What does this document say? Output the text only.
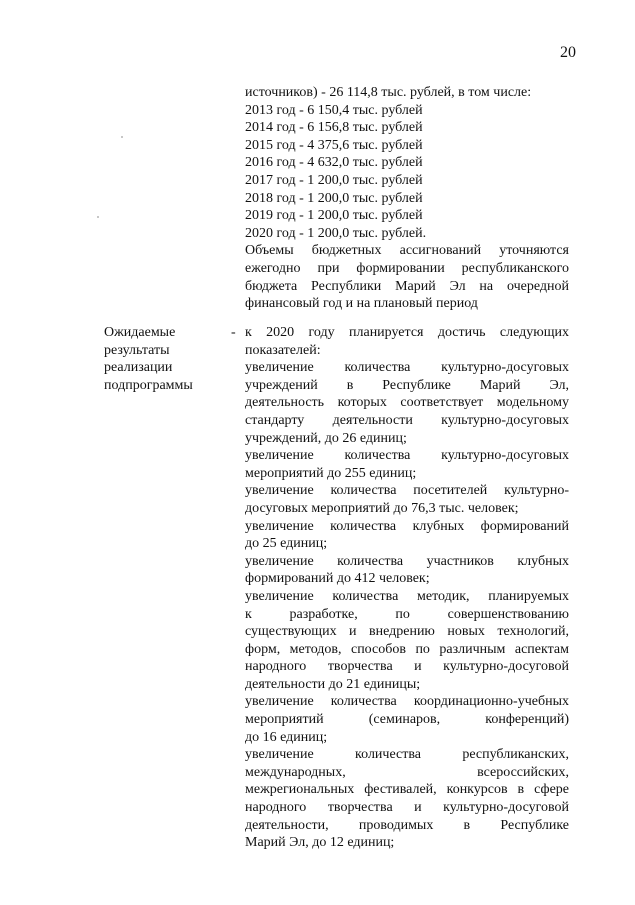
20
источников) - 26 114,8 тыс. рублей, в том числе:
2013 год - 6 150,4 тыс. рублей
2014 год - 6 156,8 тыс. рублей
2015 год - 4 375,6 тыс. рублей
2016 год - 4 632,0 тыс. рублей
2017 год - 1 200,0 тыс. рублей
2018 год - 1 200,0 тыс. рублей
2019 год - 1 200,0 тыс. рублей
2020 год - 1 200,0 тыс. рублей.
Объемы бюджетных ассигнований уточняются
ежегодно при формировании республиканского
бюджета Республики Марий Эл на очередной
финансовый год и на плановый период
Ожидаемые
результаты
реализации
подпрограммы
- к 2020 году планируется достичь следующих
показателей:
увеличение количества культурно-досуговых
учреждений в Республике Марий Эл,
деятельность которых соответствует модельному
стандарту деятельности культурно-досуговых
учреждений, до 26 единиц;
увеличение количества культурно-досуговых
мероприятий до 255 единиц;
увеличение количества посетителей культурно-
досуговых мероприятий до 76,3 тыс. человек;
увеличение количества клубных формирований
до 25 единиц;
увеличение количества участников клубных
формирований до 412 человек;
увеличение количества методик, планируемых
к разработке, по совершенствованию
существующих и внедрению новых технологий,
форм, методов, способов по различным аспектам
народного творчества и культурно-досуговой
деятельности до 21 единицы;
увеличение количества координационно-учебных
мероприятий (семинаров, конференций)
до 16 единиц;
увеличение количества республиканских,
международных, всероссийских,
межрегиональных фестивалей, конкурсов в сфере
народного творчества и культурно-досуговой
деятельности, проводимых в Республике
Марий Эл, до 12 единиц;
